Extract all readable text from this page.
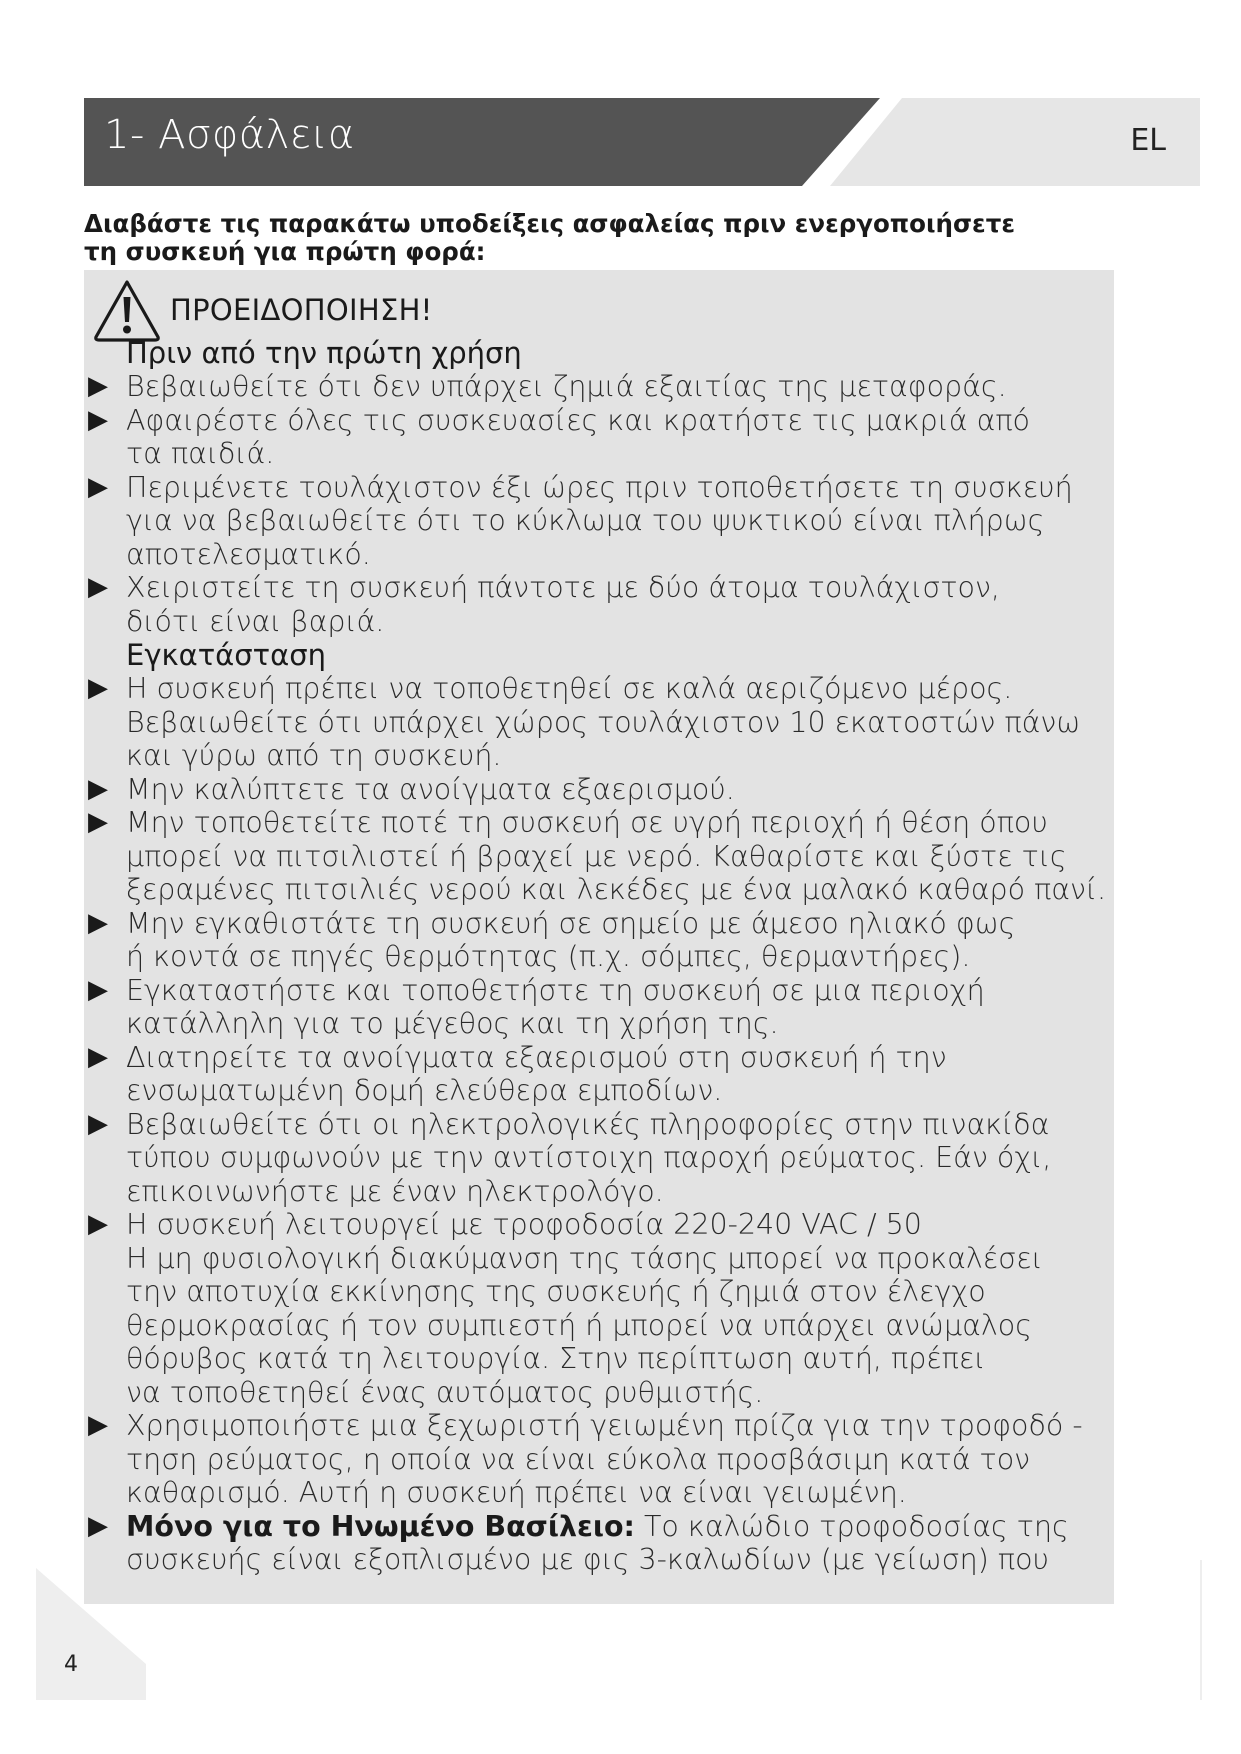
1- Ασφάλεια	EL
Διαβάστε τις παρακάτω υποδείξεις ασφαλείας πριν ενεργοποιήσετε
τη συσκευή για πρώτη φορά:
ΠΡΟΕΙΔΟΠΟΙΗΣΗ!
Πριν από την πρώτη χρήση
▶ Βεβαιωθείτε ότι δεν υπάρχει ζημιά εξαιτίας της μεταφοράς.
▶ Αφαιρέστε όλες τις συσκευασίες και κρατήστε τις μακριά από
τα παιδιά.
▶ Περιμένετε τουλάχιστον έξι ώρες πριν τοποθετήσετε τη συσκευή
για να βεβαιωθείτε ότι το κύκλωμα του ψυκτικού είναι πλήρως
αποτελεσματικό.
▶ Χειριστείτε τη συσκευή πάντοτε με δύο άτομα τουλάχιστον,
διότι είναι βαριά.
Εγκατάσταση
▶ Η συσκευή πρέπει να τοποθετηθεί σε καλά αεριζόμενο μέρος.
Βεβαιωθείτε ότι υπάρχει χώρος τουλάχιστον 10 εκατοστών πάνω
και γύρω από τη συσκευή.
▶ Μην καλύπτετε τα ανοίγματα εξαερισμού.
▶ Μην τοποθετείτε ποτέ τη συσκευή σε υγρή περιοχή ή θέση όπου
μπορεί να πιτσιλιστεί ή βραχεί με νερό. Καθαρίστε και ξύστε τις
ξεραμένες πιτσιλιές νερού και λεκέδες με ένα μαλακό καθαρό πανί.
▶ Μην εγκαθιστάτε τη συσκευή σε σημείο με άμεσο ηλιακό φως
ή κοντά σε πηγές θερμότητας (π.χ. σόμπες, θερμαντήρες).
▶ Εγκαταστήστε και τοποθετήστε τη συσκευή σε μια περιοχή
κατάλληλη για το μέγεθος και τη χρήση της.
▶ Διατηρείτε τα ανοίγματα εξαερισμού στη συσκευή ή την
ενσωματωμένη δομή ελεύθερα εμποδίων.
▶ Βεβαιωθείτε ότι οι ηλεκτρολογικές πληροφορίες στην πινακίδα
τύπου συμφωνούν με την αντίστοιχη παροχή ρεύματος. Εάν όχι,
επικοινωνήστε με έναν ηλεκτρολόγο.
▶ Η συσκευή λειτουργεί με τροφοδοσία 220-240 VAC / 50
Η μη φυσιολογική διακύμανση της τάσης μπορεί να προκαλέσει
την αποτυχία εκκίνησης της συσκευής ή ζημιά στον έλεγχο
θερμοκρασίας ή τον συμπιεστή ή μπορεί να υπάρχει ανώμαλος
θόρυβος κατά τη λειτουργία. Στην περίπτωση αυτή, πρέπει
να τοποθετηθεί ένας αυτόματος ρυθμιστής.
▶ Χρησιμοποιήστε μια ξεχωριστή γειωμένη πρίζα για την τροφοδό -
τηση ρεύματος, η οποία να είναι εύκολα προσβάσιμη κατά τον
καθαρισμό. Αυτή η συσκευή πρέπει να είναι γειωμένη.
▶ Μόνο για το Ηνωμένο Βασίλειο: Το καλώδιο τροφοδοσίας της
συσκευής είναι εξοπλισμένο με φις 3-καλωδίων (με γείωση) που
4
